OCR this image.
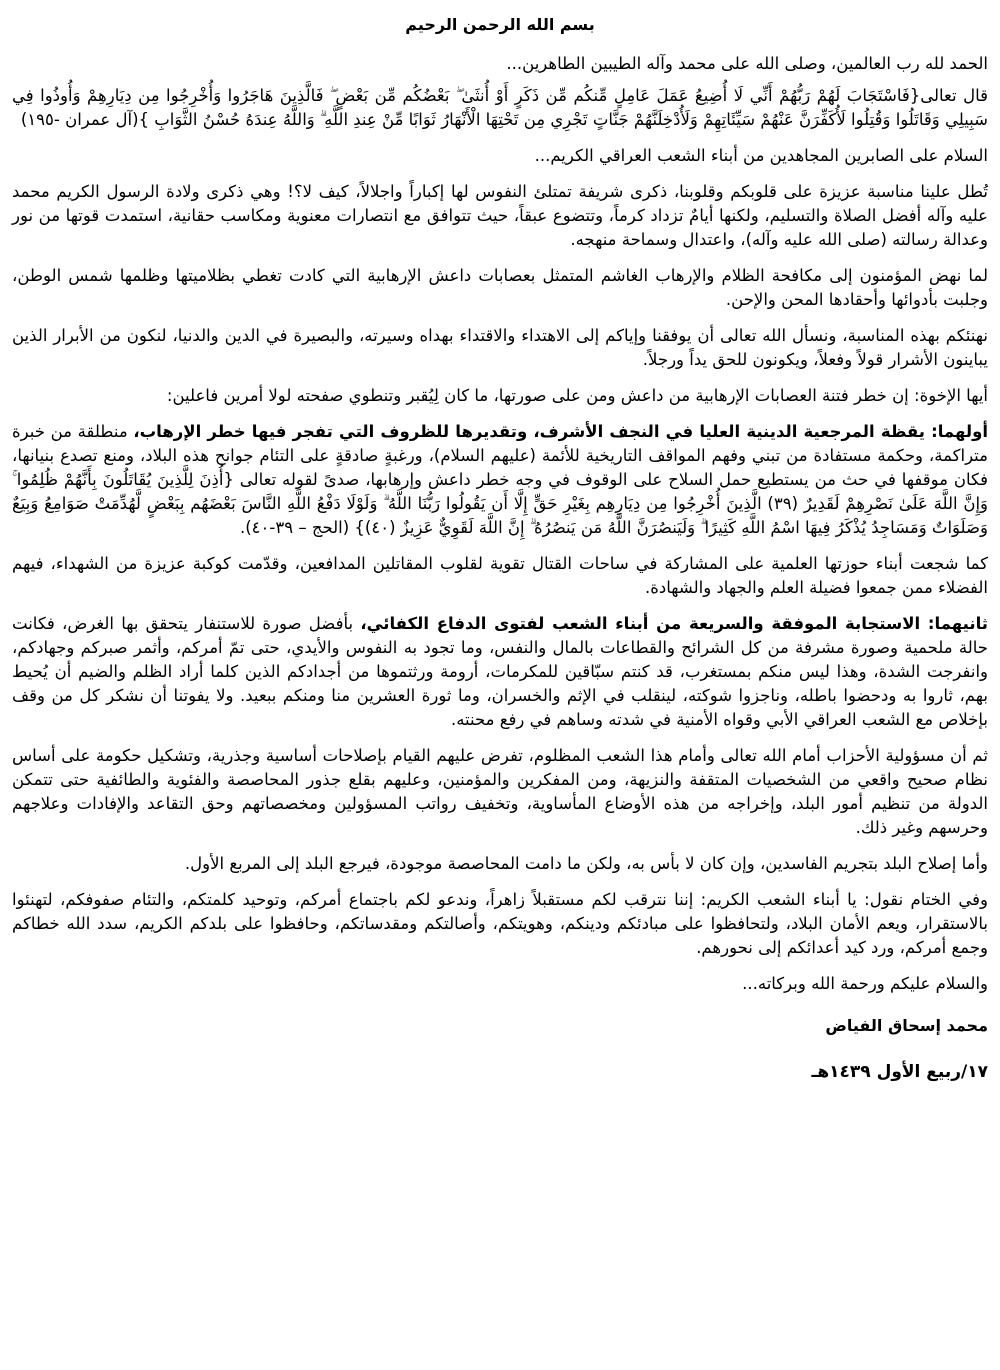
بسم الله الرحمن الرحيم
الحمد لله رب العالمين، وصلى الله على محمد وآله الطيبين الطاهرين...
قال تعالى{فَاسْتَجَابَ لَهُمْ رَبُّهُمْ أَنِّي لَا أُضِيعُ عَمَلَ عَامِلٍ مِّنكُم مِّن ذَكَرٍ أَوْ أُنثَىٰ ۖ بَعْضُكُم مِّن بَعْضٍ ۖ فَالَّذِينَ هَاجَرُوا وَأُخْرِجُوا مِن دِيَارِهِمْ وَأُوذُوا فِي سَبِيلِي وَقَاتَلُوا وَقُتِلُوا لَأُكَفِّرَنَّ عَنْهُمْ سَيِّئَاتِهِمْ وَلَأُدْخِلَنَّهُمْ جَنَّاتٍ تَجْرِي مِن تَحْتِهَا الْأَنْهَارُ ثَوَابًا مِّنْ عِندِ اللَّهِ ۗ وَاللَّهُ عِندَهُ حُسْنُ الثَّوَابِ }(آل عمران -١٩٥)
السلام على الصابرين المجاهدين من أبناء الشعب العراقي الكريم...
تُطل علينا مناسبة عزيزة على قلوبكم وقلوبنا، ذكرى شريفة تمتلئ النفوس لها إكباراً واجلالاً، كيف لا؟! وهي ذكرى ولادة الرسول الكريم محمد عليه وآله أفضل الصلاة والتسليم، ولكنها أيامٌ تزداد كرماً، وتتضوع عبقاً، حيث تتوافق مع انتصارات معنوية ومكاسب حقانية، استمدت قوتها من نور وعدالة رسالته (صلى الله عليه وآله)، واعتدال وسماحة منهجه.
لما نهض المؤمنون إلى مكافحة الظلام والإرهاب الغاشم المتمثل بعصابات داعش الإرهابية التي كادت تغطي بظلاميتها وظلمها شمس الوطن، وجلبت بأدوائها وأحقادها المحن والإحن.
نهنئكم بهذه المناسبة، ونسأل الله تعالى أن يوفقنا وإياكم إلى الاهتداء والاقتداء بهداه وسيرته، والبصيرة في الدين والدنيا، لنكون من الأبرار الذين يباينون الأشرار قولاً وفعلاً، ويكونون للحق يداً ورجلاً.
أيها الإخوة: إن خطر فتنة العصابات الإرهابية من داعش ومن على صورتها، ما كان لِيُقبر وتنطوي صفحته لولا أمرين فاعلين:
أولهما: يقظة المرجعية الدينية العليا في النجف الأشرف، وتقديرها للظروف التي تفجر فيها خطر الإرهاب، منطلقة من خبرة متراكمة، وحكمة مستفادة من تبني وفهم المواقف التاريخية للأئمة (عليهم السلام)، ورغبةٍ صادقةٍ على التئام جوانح هذه البلاد، ومنع تصدع بنيانها، فكان موقفها في حث من يستطيع حمل السلاح على الوقوف في وجه خطر داعش وإرهابها، صدىً لقوله تعالى {أُذِنَ لِلَّذِينَ يُقَاتَلُونَ بِأَنَّهُمْ ظُلِمُوا ۚ وَإِنَّ اللَّهَ عَلَىٰ نَصْرِهِمْ لَقَدِيرٌ (٣٩) الَّذِينَ أُخْرِجُوا مِن دِيَارِهِم بِغَيْرِ حَقٍّ إِلَّا أَن يَقُولُوا رَبُّنَا اللَّهُ ۗ وَلَوْلَا دَفْعُ اللَّهِ النَّاسَ بَعْضَهُم بِبَعْضٍ لَّهُدِّمَتْ صَوَامِعُ وَبِيَعٌ وَصَلَوَاتٌ وَمَسَاجِدُ يُذْكَرُ فِيهَا اسْمُ اللَّهِ كَثِيرًا ۗ وَلَيَنصُرَنَّ اللَّهُ مَن يَنصُرُهُ ۗ إِنَّ اللَّهَ لَقَوِيٌّ عَزِيزٌ (٤٠)} (الحج – ٣٩-٤٠).
كما شجعت أبناء حوزتها العلمية على المشاركة في ساحات القتال تقوية لقلوب المقاتلين المدافعين، وقدّمت كوكبة عزيزة من الشهداء، فيهم الفضلاء ممن جمعوا فضيلة العلم والجهاد والشهادة.
ثانيهما: الاستجابة الموفقة والسريعة من أبناء الشعب لفتوى الدفاع الكفائي، بأفضل صورة للاستنفار يتحقق بها الغرض، فكانت حالة ملحمية وصورة مشرفة من كل الشرائح والقطاعات بالمال والنفس، وما تجود به النفوس والأيدي، حتى تمّ أمركم، وأثمر صبركم وجهادكم، وانفرجت الشدة، وهذا ليس منكم بمستغرب، قد كنتم سبّاقين للمكرمات، أرومة ورثتموها من أجدادكم الذين كلما أراد الظلم والضيم أن يُحيط بهم، ثاروا به ودحضوا باطله، وناجزوا شوكته، لينقلب في الإثم والخسران، وما ثورة العشرين منا ومنكم ببعيد. ولا يفوتنا أن نشكر كل من وقف بإخلاص مع الشعب العراقي الأبي وقواه الأمنية في شدته وساهم في رفع محنته.
ثم أن مسؤولية الأحزاب أمام الله تعالى وأمام هذا الشعب المظلوم، تفرض عليهم القيام بإصلاحات أساسية وجذرية، وتشكيل حكومة على أساس نظام صحيح واقعي من الشخصيات المتقفة والنزيهة، ومن المفكرين والمؤمنين، وعليهم بقلع جذور المحاصصة والفئوية والطائفية حتى تتمكن الدولة من تنظيم أمور البلد، وإخراجه من هذه الأوضاع المأساوية، وتخفيف رواتب المسؤولين ومخصصاتهم وحق التقاعد والإفادات وعلاجهم وحرسهم وغير ذلك.
وأما إصلاح البلد بتجريم الفاسدين، وإن كان لا بأس به، ولكن ما دامت المحاصصة موجودة، فيرجع البلد إلى المربع الأول.
وفي الختام نقول: يا أبناء الشعب الكريم: إننا نترقب لكم مستقبلاً زاهراً، وندعو لكم باجتماع أمركم، وتوحيد كلمتكم، والتئام صفوفكم، لتهنئوا بالاستقرار، ويعم الأمان البلاد، ولتحافظوا على مبادئكم ودينكم، وهويتكم، وأصالتكم ومقدساتكم، وحافظوا على بلدكم الكريم، سدد الله خطاكم وجمع أمركم، ورد كيد أعدائكم إلى نحورهم.
والسلام عليكم ورحمة الله وبركاته...
محمد إسحاق الفياض
١٧/ربيع الأول ١٤٣٩هـ
